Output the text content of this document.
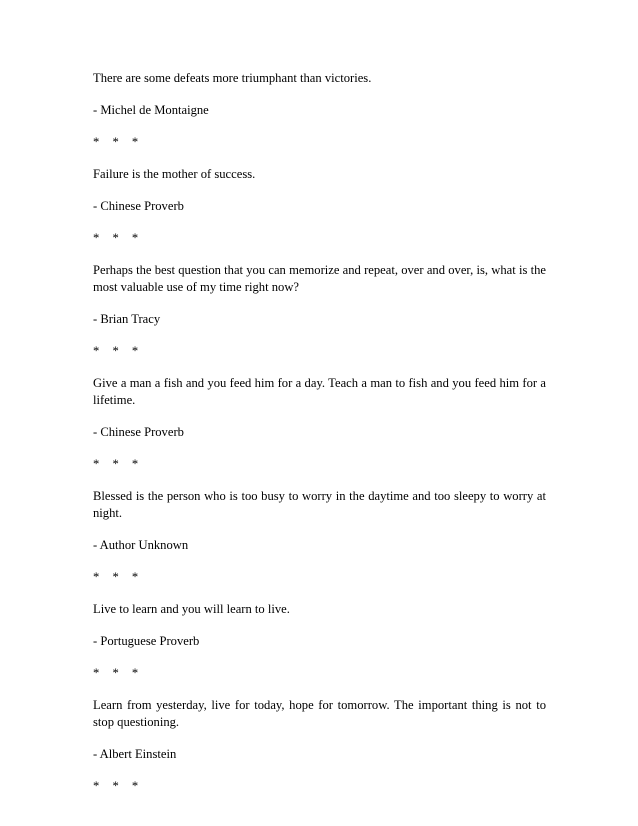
There are some defeats more triumphant than victories.

- Michel de Montaigne

* * *

Failure is the mother of success.

- Chinese Proverb

* * *

Perhaps the best question that you can memorize and repeat, over and over, is, what is the most valuable use of my time right now?

- Brian Tracy

* * *

Give a man a fish and you feed him for a day. Teach a man to fish and you feed him for a lifetime.

- Chinese Proverb

* * *

Blessed is the person who is too busy to worry in the daytime and too sleepy to worry at night.

- Author Unknown

* * *

Live to learn and you will learn to live.

- Portuguese Proverb

* * *

Learn from yesterday, live for today, hope for tomorrow. The important thing is not to stop questioning.

- Albert Einstein

* * *
